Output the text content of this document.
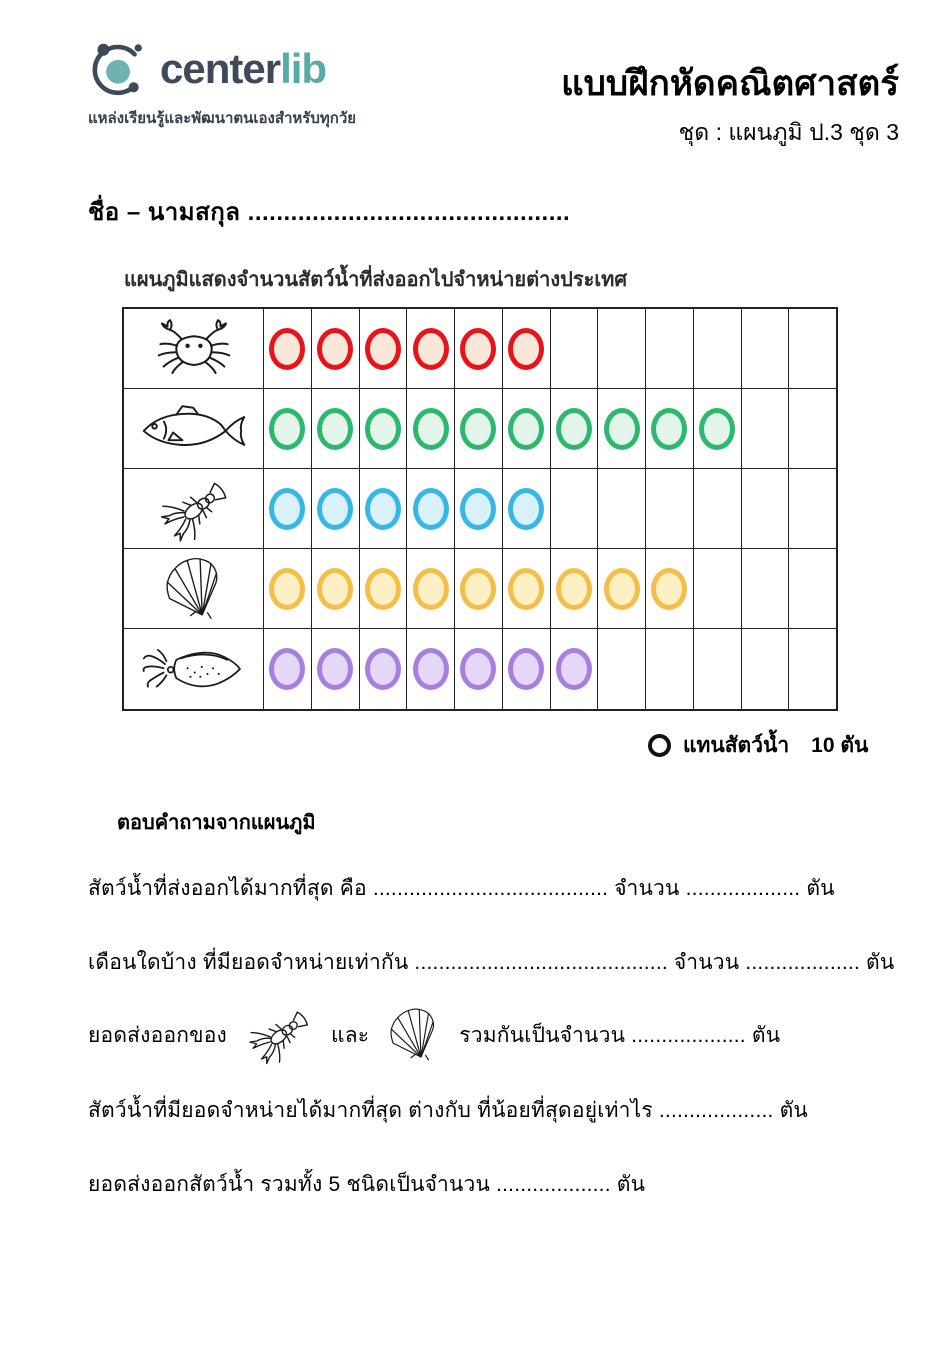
centerlib
แหล่งเรียนรู้และพัฒนาตนเองสำหรับทุกวัย
แบบฝึกหัดคณิตศาสตร์
ชุด : แผนภูมิ ป.3 ชุด 3
ชื่อ – นามสกุล .............................................
แผนภูมิแสดงจำนวนสัตว์น้ำที่ส่งออกไปจำหน่ายต่างประเทศ
แทนสัตว์น้ำ 10 ตัน
ตอบคำถามจากแผนภูมิ
สัตว์น้ำที่ส่งออกได้มากที่สุด คือ ....................................... จำนวน ................... ตัน
เดือนใดบ้าง ที่มียอดจำหน่ายเท่ากัน .......................................... จำนวน ................... ตัน
ยอดส่งออกของ	และ	รวมกันเป็นจำนวน ................... ตัน
สัตว์น้ำที่มียอดจำหน่ายได้มากที่สุด ต่างกับ ที่น้อยที่สุดอยู่เท่าไร ................... ตัน
ยอดส่งออกสัตว์น้ำ รวมทั้ง 5 ชนิดเป็นจำนวน ................... ตัน
